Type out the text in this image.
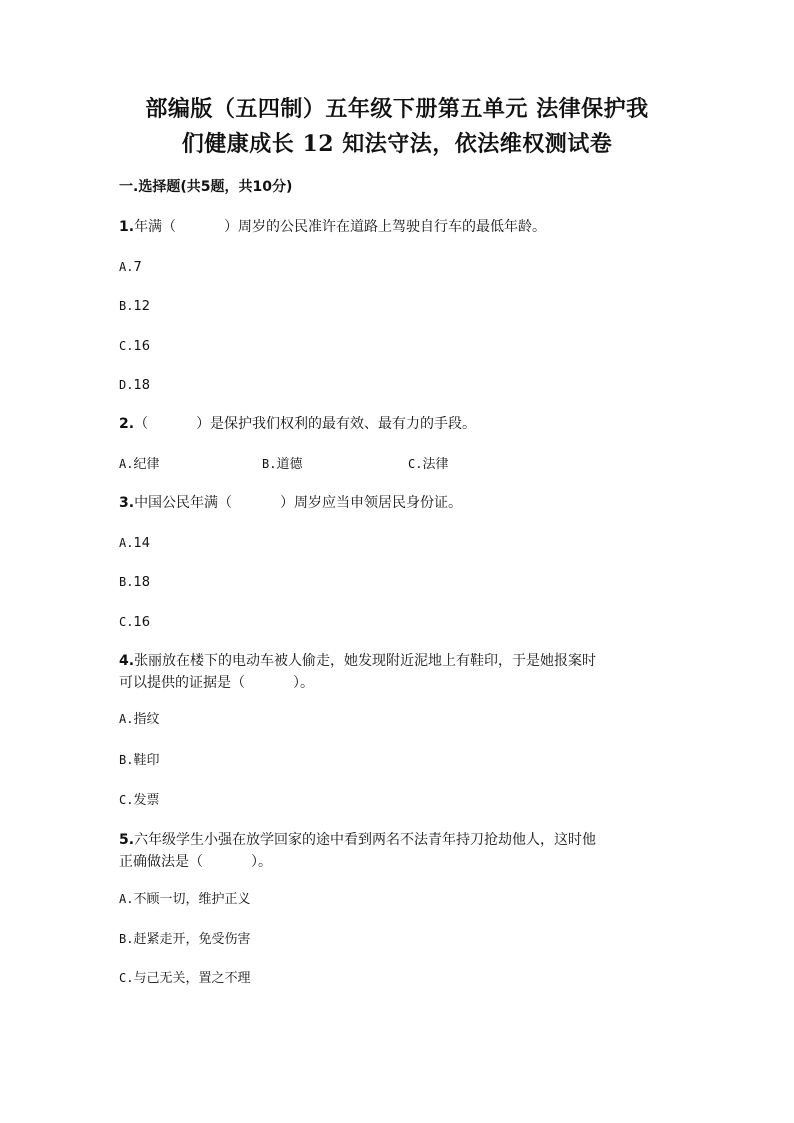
部编版（五四制）五年级下册第五单元 法律保护我
们健康成长 12 知法守法，依法维权测试卷
一.选择题(共5题，共10分)
1.年满（	）周岁的公民准许在道路上驾驶自行车的最低年龄。
A.7
B.12
C.16
D.18
2.（	）是保护我们权利的最有效、最有力的手段。
A.纪律	B.道德	C.法律
3.中国公民年满（	）周岁应当申领居民身份证。
A.14
B.18
C.16
4.张丽放在楼下的电动车被人偷走，她发现附近泥地上有鞋印，于是她报案时
可以提供的证据是（	）。
A.指纹
B.鞋印
C.发票
5.六年级学生小强在放学回家的途中看到两名不法青年持刀抢劫他人，这时他
正确做法是（	）。
A.不顾一切，维护正义
B.赶紧走开，免受伤害
C.与己无关，置之不理
